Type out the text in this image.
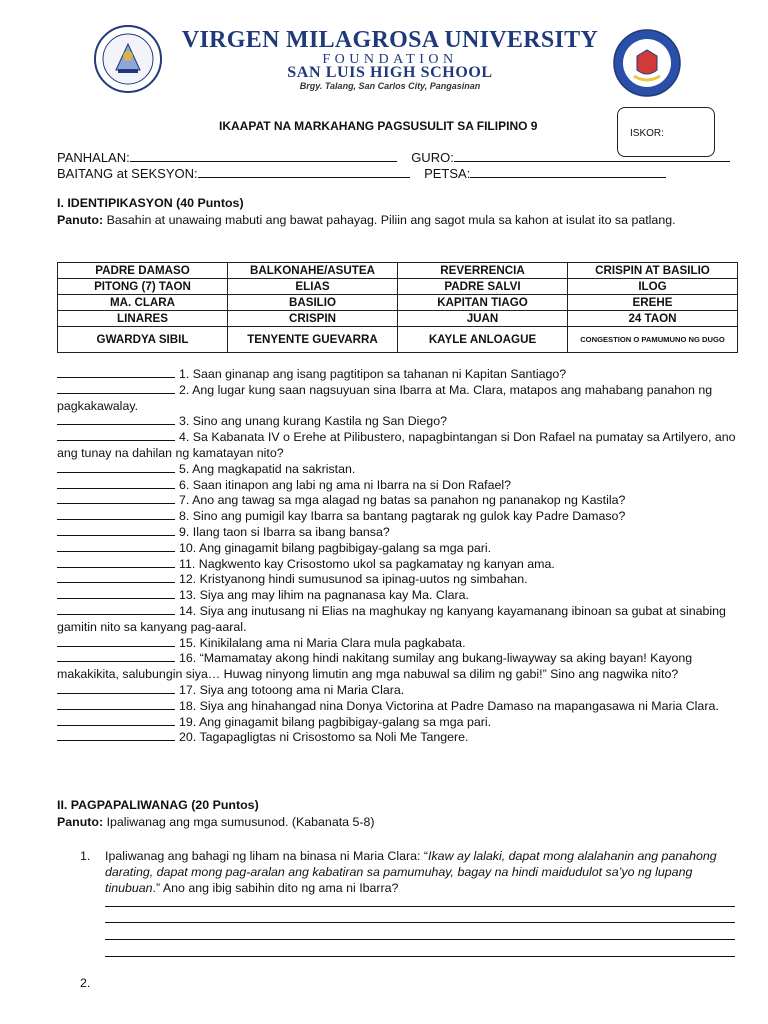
VIRGEN MILAGROSA UNIVERSITY
FOUNDATION
SAN LUIS HIGH SCHOOL
Brgy. Talang, San Carlos City, Pangasinan
IKAAPAT NA MARKAHANG PAGSUSULIT SA FILIPINO 9
ISKOR:
PANHALAN:	GURO:
BAITANG at SEKSYON:	PETSA:
I. IDENTIPIKASYON (40 Puntos)
Panuto: Basahin at unawaing mabuti ang bawat pahayag. Piliin ang sagot mula sa kahon at isulat ito sa patlang.
PADRE DAMASO	BALKONAHE/ASUTEA	REVERRENCIA	CRISPIN AT BASILIO
PITONG (7) TAON	ELIAS	PADRE SALVI	ILOG
MA. CLARA	BASILIO	KAPITAN TIAGO	EREHE
LINARES	CRISPIN	JUAN	24 TAON
GWARDYA SIBIL	TENYENTE GUEVARRA	KAYLE ANLOAGUE	CONGESTION O PAMUMUNO NG DUGO
1. Saan ginanap ang isang pagtitipon sa tahanan ni Kapitan Santiago?
2. Ang lugar kung saan nagsuyuan sina Ibarra at Ma. Clara, matapos ang mahabang panahon ng pagkakawalay.
3. Sino ang unang kurang Kastila ng San Diego?
4. Sa Kabanata IV o Erehe at Pilibustero, napagbintangan si Don Rafael na pumatay sa Artilyero, ano ang tunay na dahilan ng kamatayan nito?
5. Ang magkapatid na sakristan.
6. Saan itinapon ang labi ng ama ni Ibarra na si Don Rafael?
7. Ano ang tawag sa mga alagad ng batas sa panahon ng pananakop ng Kastila?
8. Sino ang pumigil kay Ibarra sa bantang pagtarak ng gulok kay Padre Damaso?
9. Ilang taon si Ibarra sa ibang bansa?
10. Ang ginagamit bilang pagbibigay-galang sa mga pari.
11. Nagkwento kay Crisostomo ukol sa pagkamatay ng kanyan ama.
12. Kristyanong hindi sumusunod sa ipinag-uutos ng simbahan.
13. Siya ang may lihim na pagnanasa kay Ma. Clara.
14. Siya ang inutusang ni Elias na maghukay ng kanyang kayamanang ibinoan sa gubat at sinabing gamitin nito sa kanyang pag-aaral.
15. Kinikilalang ama ni Maria Clara mula pagkabata.
16. “Mamamatay akong hindi nakitang sumilay ang bukang-liwayway sa aking bayan! Kayong makakikita, salubungin siya… Huwag ninyong limutin ang mga nabuwal sa dilim ng gabi!” Sino ang nagwika nito?
17. Siya ang totoong ama ni Maria Clara.
18. Siya ang hinahangad nina Donya Victorina at Padre Damaso na mapangasawa ni Maria Clara.
19. Ang ginagamit bilang pagbibigay-galang sa mga pari.
20. Tagapagligtas ni Crisostomo sa Noli Me Tangere.
II. PAGPAPALIWANAG (20 Puntos)
Panuto: Ipaliwanag ang mga sumusunod. (Kabanata 5-8)
1. Ipaliwanag ang bahagi ng liham na binasa ni Maria Clara: “Ikaw ay lalaki, dapat mong alalahanin ang panahong darating, dapat mong pag-aralan ang kabatiran sa pamumuhay, bagay na hindi maidudulot sa’yo ng lupang tinubuan.” Ano ang ibig sabihin dito ng ama ni Ibarra?
2.
